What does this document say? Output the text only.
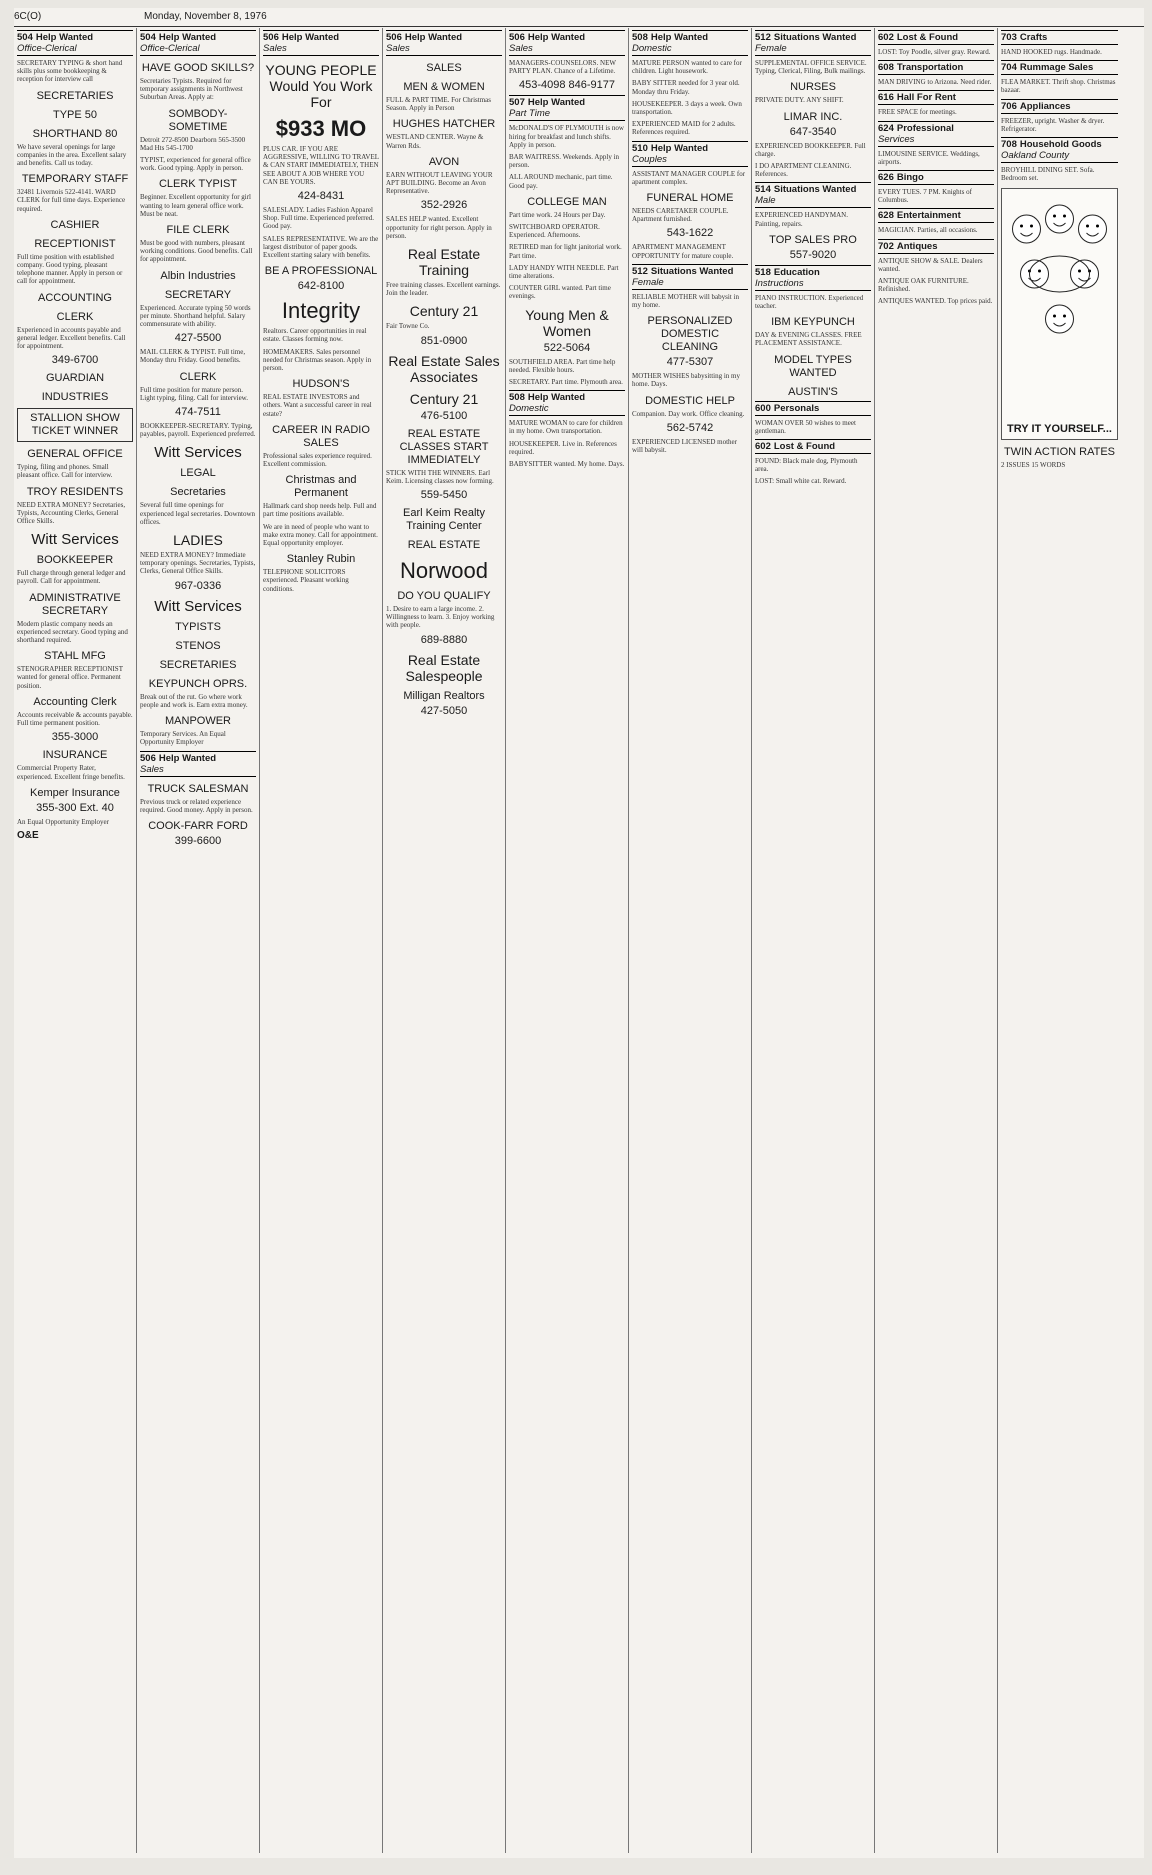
6C(O)	Monday, November 8, 1976
504 Help Wanted
Office-Clerical
SECRETARY TYPING & short hand skills plus some bookkeeping & reception for interview call
SECRETARIES
TYPE 50
SHORTHAND 80
We have several openings for large companies in the area. Excellent salary and benefits. Call us today.
TEMPORARY STAFF
32481 Livernois 522-4141. WARD CLERK for full time days. Experience required.
CASHIER
RECEPTIONIST
Full time position with established company. Good typing, pleasant telephone manner. Apply in person or call for appointment.
ACCOUNTING
CLERK
Experienced in accounts payable and general ledger. Excellent benefits. Call for appointment.
349-6700
GUARDIAN
INDUSTRIES
STALLION SHOW TICKET WINNER
GENERAL OFFICE
Typing, filing and phones. Small pleasant office. Call for interview.
TROY RESIDENTS
NEED EXTRA MONEY? Secretaries, Typists, Accounting Clerks, General Office Skills.
Witt Services
BOOKKEEPER
Full charge through general ledger and payroll. Call for appointment.
ADMINISTRATIVE SECRETARY
Modern plastic company needs an experienced secretary. Good typing and shorthand required.
STAHL MFG
STENOGRAPHER RECEPTIONIST wanted for general office. Permanent position.
Accounting Clerk
Accounts receivable & accounts payable. Full time permanent position.
355-3000
INSURANCE
Commercial Property Rater, experienced. Excellent fringe benefits.
Kemper Insurance
355-300 Ext. 40
An Equal Opportunity Employer
O&E
504 Help Wanted
Office-Clerical
HAVE GOOD SKILLS?
Secretaries Typists. Required for temporary assignments in Northwest Suburban Areas. Apply at:
SOMBODY-SOMETIME
Detroit 272-8500 Dearborn 565-3500 Mad Hts 545-1700
TYPIST, experienced for general office work. Good typing. Apply in person.
CLERK TYPIST
Beginner. Excellent opportunity for girl wanting to learn general office work. Must be neat.
FILE CLERK
Must be good with numbers, pleasant working conditions. Good benefits. Call for appointment.
Albin Industries
SECRETARY
Experienced. Accurate typing 50 words per minute. Shorthand helpful. Salary commensurate with ability.
427-5500
MAIL CLERK & TYPIST. Full time, Monday thru Friday. Good benefits.
CLERK
Full time position for mature person. Light typing, filing. Call for interview.
474-7511
BOOKKEEPER-SECRETARY. Typing, payables, payroll. Experienced preferred.
Witt Services
LEGAL
Secretaries
Several full time openings for experienced legal secretaries. Downtown offices.
LADIES
NEED EXTRA MONEY? Immediate temporary openings. Secretaries, Typists, Clerks, General Office Skills.
967-0336
Witt Services
TYPISTS
STENOS
SECRETARIES
KEYPUNCH OPRS.
Break out of the rut. Go where work people and work is. Earn extra money.
MANPOWER
Temporary Services. An Equal Opportunity Employer
506 Help Wanted
Sales
TRUCK SALESMAN
Previous truck or related experience required. Good money. Apply in person.
COOK-FARR FORD
399-6600
506 Help Wanted
Sales
YOUNG PEOPLE Would You Work For
$933 MO
PLUS CAR. IF YOU ARE AGGRESSIVE, WILLING TO TRAVEL & CAN START IMMEDIATELY, THEN SEE ABOUT A JOB WHERE YOU CAN BE YOURS.
424-8431
SALESLADY. Ladies Fashion Apparel Shop. Full time. Experienced preferred. Good pay.
SALES REPRESENTATIVE. We are the largest distributor of paper goods. Excellent starting salary with benefits.
BE A PROFESSIONAL
642-8100
Integrity
Realtors. Career opportunities in real estate. Classes forming now.
HOMEMAKERS. Sales personnel needed for Christmas season. Apply in person.
HUDSON'S
REAL ESTATE INVESTORS and others. Want a successful career in real estate?
CAREER IN RADIO SALES
Professional sales experience required. Excellent commission.
Christmas and Permanent
Hallmark card shop needs help. Full and part time positions available.
We are in need of people who want to make extra money. Call for appointment. Equal opportunity employer.
Stanley Rubin
TELEPHONE SOLICITORS experienced. Pleasant working conditions.
506 Help Wanted
Sales
SALES
MEN & WOMEN
FULL & PART TIME. For Christmas Season. Apply in Person
HUGHES HATCHER
WESTLAND CENTER. Wayne & Warren Rds.
AVON
EARN WITHOUT LEAVING YOUR APT BUILDING. Become an Avon Representative.
352-2926
SALES HELP wanted. Excellent opportunity for right person. Apply in person.
Real Estate Training
Free training classes. Excellent earnings. Join the leader.
Century 21
Fair Towne Co.
851-0900
Real Estate Sales Associates
Century 21
476-5100
REAL ESTATE CLASSES START IMMEDIATELY
STICK WITH THE WINNERS. Earl Keim. Licensing classes now forming.
559-5450
Earl Keim Realty Training Center
REAL ESTATE
Norwood
DO YOU QUALIFY
1. Desire to earn a large income. 2. Willingness to learn. 3. Enjoy working with people.
689-8880
Real Estate Salespeople
Milligan Realtors
427-5050
506 Help Wanted
Sales
MANAGERS-COUNSELORS. NEW PARTY PLAN. Chance of a Lifetime.
453-4098 846-9177
507 Help Wanted
Part Time
McDONALD'S OF PLYMOUTH is now hiring for breakfast and lunch shifts. Apply in person.
BAR WAITRESS. Weekends. Apply in person.
ALL AROUND mechanic, part time. Good pay.
COLLEGE MAN
Part time work. 24 Hours per Day.
SWITCHBOARD OPERATOR. Experienced. Afternoons.
RETIRED man for light janitorial work. Part time.
LADY HANDY WITH NEEDLE. Part time alterations.
COUNTER GIRL wanted. Part time evenings.
Young Men & Women
522-5064
SOUTHFIELD AREA. Part time help needed. Flexible hours.
SECRETARY. Part time. Plymouth area.
508 Help Wanted
Domestic
MATURE WOMAN to care for children in my home. Own transportation.
HOUSEKEEPER. Live in. References required.
BABYSITTER wanted. My home. Days.
508 Help Wanted
Domestic
MATURE PERSON wanted to care for children. Light housework.
BABY SITTER needed for 3 year old. Monday thru Friday.
HOUSEKEEPER. 3 days a week. Own transportation.
EXPERIENCED MAID for 2 adults. References required.
510 Help Wanted
Couples
ASSISTANT MANAGER COUPLE for apartment complex.
FUNERAL HOME
NEEDS CARETAKER COUPLE. Apartment furnished.
543-1622
APARTMENT MANAGEMENT OPPORTUNITY for mature couple.
512 Situations Wanted
Female
RELIABLE MOTHER will babysit in my home.
PERSONALIZED DOMESTIC CLEANING
477-5307
MOTHER WISHES babysitting in my home. Days.
DOMESTIC HELP
Companion. Day work. Office cleaning.
562-5742
EXPERIENCED LICENSED mother will babysit.
512 Situations Wanted
Female
SUPPLEMENTAL OFFICE SERVICE. Typing, Clerical, Filing, Bulk mailings.
NURSES
PRIVATE DUTY. ANY SHIFT.
LIMAR INC.
647-3540
EXPERIENCED BOOKKEEPER. Full charge.
I DO APARTMENT CLEANING. References.
514 Situations Wanted
Male
EXPERIENCED HANDYMAN. Painting, repairs.
TOP SALES PRO
557-9020
518 Education
Instructions
PIANO INSTRUCTION. Experienced teacher.
IBM KEYPUNCH
DAY & EVENING CLASSES. FREE PLACEMENT ASSISTANCE.
MODEL TYPES WANTED
AUSTIN'S
600 Personals
WOMAN OVER 50 wishes to meet gentleman.
602 Lost & Found
FOUND: Black male dog, Plymouth area.
LOST: Small white cat. Reward.
602 Lost & Found
LOST: Toy Poodle, silver gray. Reward.
608 Transportation
MAN DRIVING to Arizona. Need rider.
616 Hall For Rent
FREE SPACE for meetings.
624 Professional
Services
LIMOUSINE SERVICE. Weddings, airports.
626 Bingo
EVERY TUES. 7 PM. Knights of Columbus.
628 Entertainment
MAGICIAN. Parties, all occasions.
702 Antiques
ANTIQUE SHOW & SALE. Dealers wanted.
ANTIQUE OAK FURNITURE. Refinished.
ANTIQUES WANTED. Top prices paid.
703 Crafts
HAND HOOKED rugs. Handmade.
704 Rummage Sales
FLEA MARKET. Thrift shop. Christmas bazaar.
706 Appliances
FREEZER, upright. Washer & dryer. Refrigerator.
708 Household Goods
Oakland County
BROYHILL DINING SET. Sofa. Bedroom set.
TRY IT YOURSELF...
TWIN ACTION RATES
2 ISSUES 15 WORDS
